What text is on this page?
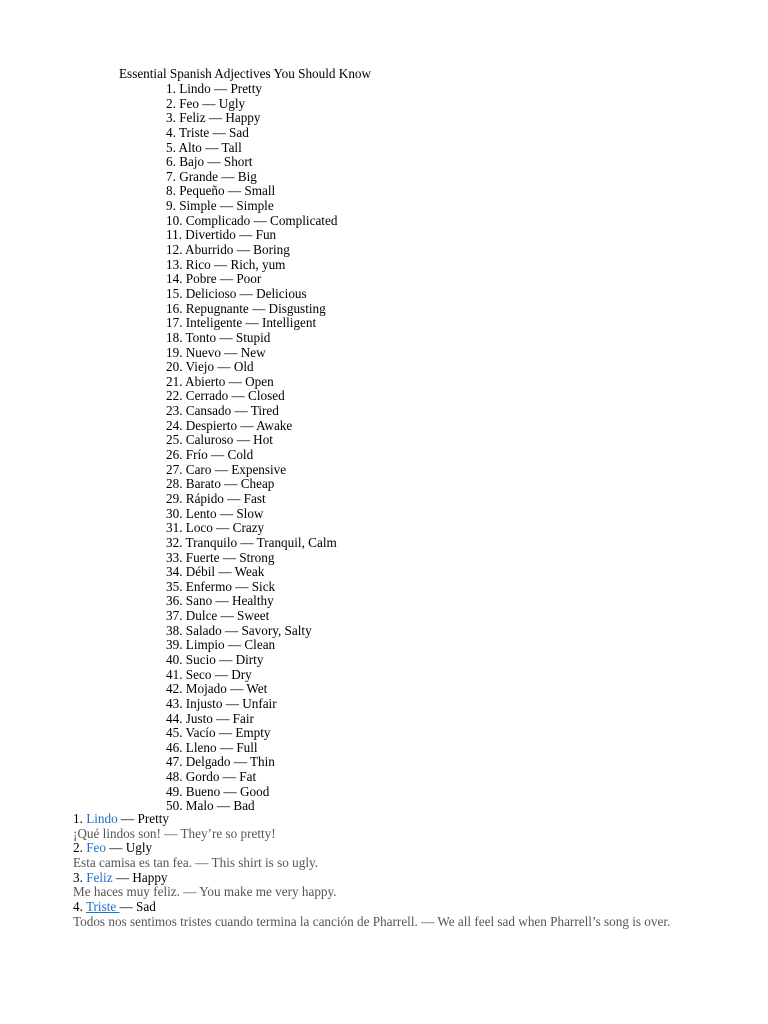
Essential Spanish Adjectives You Should Know
1. Lindo — Pretty
2. Feo — Ugly
3. Feliz — Happy
4. Triste — Sad
5. Alto — Tall
6. Bajo — Short
7. Grande — Big
8. Pequeño — Small
9. Simple — Simple
10. Complicado — Complicated
11. Divertido — Fun
12. Aburrido — Boring
13. Rico — Rich, yum
14. Pobre — Poor
15. Delicioso — Delicious
16. Repugnante — Disgusting
17. Inteligente — Intelligent
18. Tonto — Stupid
19. Nuevo — New
20. Viejo — Old
21. Abierto — Open
22. Cerrado — Closed
23. Cansado — Tired
24. Despierto — Awake
25. Caluroso — Hot
26. Frío — Cold
27. Caro — Expensive
28. Barato — Cheap
29. Rápido — Fast
30. Lento — Slow
31. Loco — Crazy
32. Tranquilo — Tranquil, Calm
33. Fuerte — Strong
34. Débil — Weak
35. Enfermo — Sick
36. Sano — Healthy
37. Dulce — Sweet
38. Salado — Savory, Salty
39. Limpio — Clean
40. Sucio — Dirty
41. Seco — Dry
42. Mojado — Wet
43. Injusto — Unfair
44. Justo — Fair
45. Vacío — Empty
46. Lleno — Full
47. Delgado — Thin
48. Gordo — Fat
49. Bueno — Good
50. Malo — Bad
1. Lindo — Pretty
¡Qué lindos son! — They’re so pretty!
2. Feo — Ugly
Esta camisa es tan fea. — This shirt is so ugly.
3. Feliz — Happy
Me haces muy feliz. — You make me very happy.
4. Triste — Sad
Todos nos sentimos tristes cuando termina la canción de Pharrell. — We all feel sad when Pharrell’s song is over.
